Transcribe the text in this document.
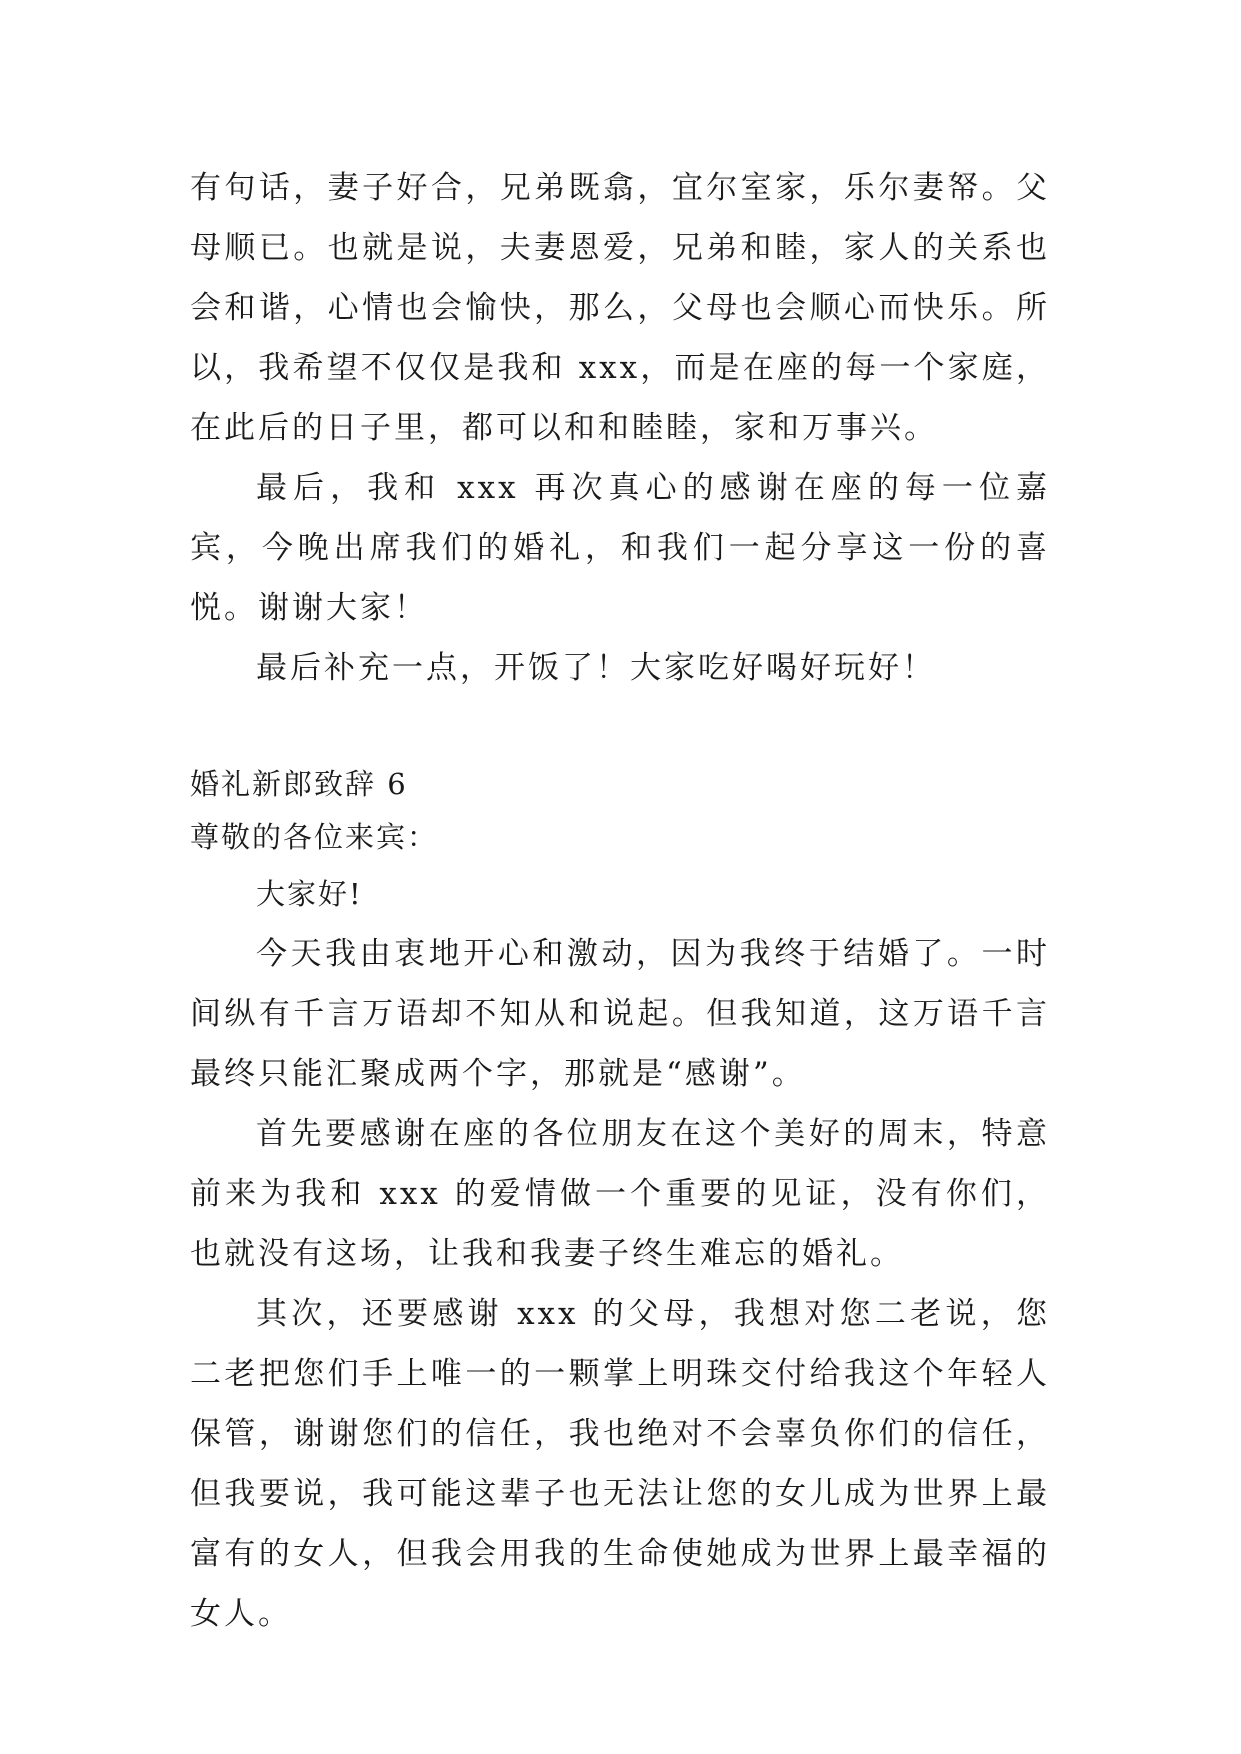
有句话，妻子好合，兄弟既翕，宜尔室家，乐尔妻帑。父母顺已。也就是说，夫妻恩爱，兄弟和睦，家人的关系也会和谐，心情也会愉快，那么，父母也会顺心而快乐。所以，我希望不仅仅是我和 xxx，而是在座的每一个家庭，在此后的日子里，都可以和和睦睦，家和万事兴。

最后，我和 xxx 再次真心的感谢在座的每一位嘉宾，今晚出席我们的婚礼，和我们一起分享这一份的喜悦。谢谢大家！

最后补充一点，开饭了！大家吃好喝好玩好！

婚礼新郎致辞 6

尊敬的各位来宾：

大家好!

今天我由衷地开心和激动，因为我终于结婚了。一时间纵有千言万语却不知从和说起。但我知道，这万语千言最终只能汇聚成两个字，那就是“感谢”。

首先要感谢在座的各位朋友在这个美好的周末，特意前来为我和 xxx 的爱情做一个重要的见证，没有你们，也就没有这场，让我和我妻子终生难忘的婚礼。

其次，还要感谢 xxx 的父母，我想对您二老说，您二老把您们手上唯一的一颗掌上明珠交付给我这个年轻人保管，谢谢您们的信任，我也绝对不会辜负你们的信任，但我要说，我可能这辈子也无法让您的女儿成为世界上最富有的女人，但我会用我的生命使她成为世界上最幸福的女人。
